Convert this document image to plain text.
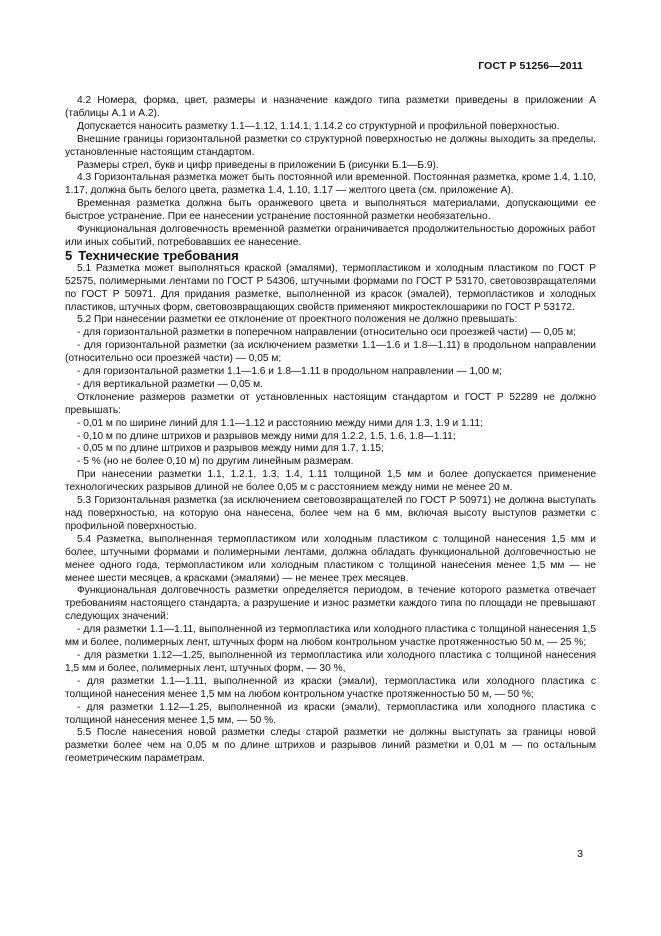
ГОСТ Р 51256—2011

4.2 Номера, форма, цвет, размеры и назначение каждого типа разметки приведены в приложении А (таблицы А.1 и А.2).

Допускается наносить разметку 1.1—1.12, 1.14.1, 1.14.2 со структурной и профильной поверхностью.

Внешние границы горизонтальной разметки со структурной поверхностью не должны выходить за пределы, установленные настоящим стандартом.

Размеры стрел, букв и цифр приведены в приложении Б (рисунки Б.1—Б.9).

4.3 Горизонтальная разметка может быть постоянной или временной. Постоянная разметка, кроме 1.4, 1.10, 1.17, должна быть белого цвета, разметка 1.4, 1.10, 1.17 — желтого цвета (см. приложение А).

Временная разметка должна быть оранжевого цвета и выполняться материалами, допускающими ее быстрое устранение. При ее нанесении устранение постоянной разметки необязательно.

Функциональная долговечность временной разметки ограничивается продолжительностью дорожных работ или иных событий, потребовавших ее нанесение.

5 Технические требования

5.1 Разметка может выполняться краской (эмалями), термопластиком и холодным пластиком по ГОСТ Р 52575, полимерными лентами по ГОСТ Р 54306, штучными формами по ГОСТ Р 53170, световозвращателями по ГОСТ Р 50971. Для придания разметке, выполненной из красок (эмалей), термопластиков и холодных пластиков, штучных форм, световозвращающих свойств применяют микростеклошарики по ГОСТ Р 53172.

5.2 При нанесении разметки ее отклонение от проектного положения не должно превышать:

- для горизонтальной разметки в поперечном направлении (относительно оси проезжей части) — 0,05 м;

- для горизонтальной разметки (за исключением разметки 1.1—1.6 и 1.8—1.11) в продольном направлении (относительно оси проезжей части) — 0,05 м;

- для горизонтальной разметки 1.1—1.6 и 1.8—1.11 в продольном направлении — 1,00 м;

- для вертикальной разметки — 0,05 м.

Отклонение размеров разметки от установленных настоящим стандартом и ГОСТ Р 52289 не должно превышать:

- 0,01 м по ширине линий для 1.1—1.12 и расстоянию между ними для 1.3, 1.9 и 1.11;

- 0,10 м по длине штрихов и разрывов между ними для 1.2.2, 1.5, 1.6, 1.8—1.11;

- 0,05 м по длине штрихов и разрывов между ними для 1.7, 1.15;

- 5 % (но не более 0,10 м) по другим линейным размерам.

При нанесении разметки 1.1, 1.2.1, 1.3, 1.4, 1.11 толщиной 1,5 мм и более допускается применение технологических разрывов длиной не более 0,05 м с расстоянием между ними не менее 20 м.

5.3 Горизонтальная разметка (за исключением световозвращателей по ГОСТ Р 50971) не должна выступать над поверхностью, на которую она нанесена, более чем на 6 мм, включая высоту выступов разметки с профильной поверхностью.

5.4 Разметка, выполненная термопластиком или холодным пластиком с толщиной нанесения 1,5 мм и более, штучными формами и полимерными лентами, должна обладать функциональной долговечностью не менее одного года, термопластиком или холодным пластиком с толщиной нанесения менее 1,5 мм — не менее шести месяцев, а красками (эмалями) — не менее трех месяцев.

Функциональная долговечность разметки определяется периодом, в течение которого разметка отвечает требованиям настоящего стандарта, а разрушение и износ разметки каждого типа по площади не превышают следующих значений:

- для разметки 1.1—1.11, выполненной из термопластика или холодного пластика с толщиной нанесения 1,5 мм и более, полимерных лент, штучных форм на любом контрольном участке протяженностью 50 м, — 25 %;

- для разметки 1.12—1.25, выполненной из термопластика или холодного пластика с толщиной нанесения 1,5 мм и более, полимерных лент, штучных форм, — 30 %,

- для разметки 1.1—1.11, выполненной из краски (эмали), термопластика или холодного пластика с толщиной нанесения менее 1,5 мм на любом контрольном участке протяженностью 50 м, — 50 %;

- для разметки 1.12—1.25, выполненной из краски (эмали), термопластика или холодного пластика с толщиной нанесения менее 1,5 мм, — 50 %.

5.5 После нанесения новой разметки следы старой разметки не должны выступать за границы новой разметки более чем на 0,05 м по длине штрихов и разрывов линий разметки и 0,01 м — по остальным геометрическим параметрам.

3
